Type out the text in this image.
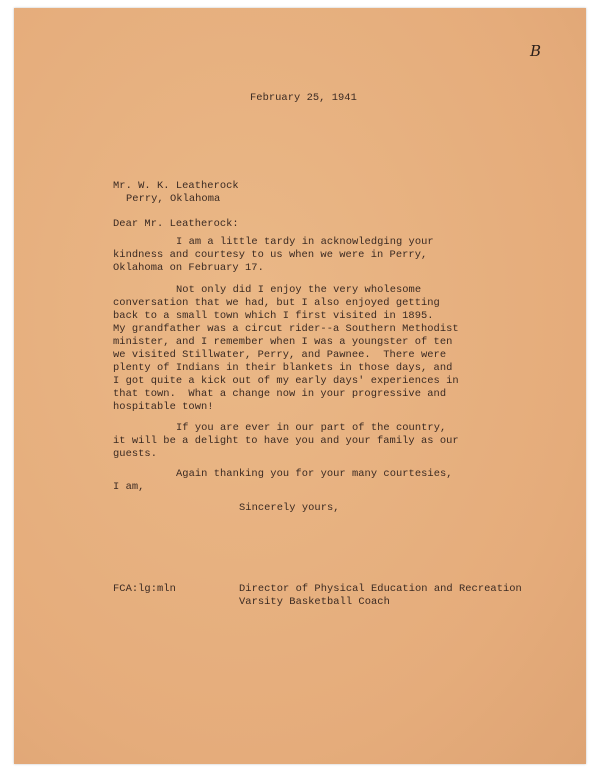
B
February 25, 1941
Mr. W. K. Leatherock
Perry, Oklahoma
Dear Mr. Leatherock:
I am a little tardy in acknowledging your
kindness and courtesy to us when we were in Perry,
Oklahoma on February 17.
Not only did I enjoy the very wholesome
conversation that we had, but I also enjoyed getting
back to a small town which I first visited in 1895.
My grandfather was a circut rider--a Southern Methodist
minister, and I remember when I was a youngster of ten
we visited Stillwater, Perry, and Pawnee.  There were
plenty of Indians in their blankets in those days, and
I got quite a kick out of my early days' experiences in
that town.  What a change now in your progressive and
hospitable town!
If you are ever in our part of the country,
it will be a delight to have you and your family as our
guests.
Again thanking you for your many courtesies,
I am,
Sincerely yours,
FCA:lg:mln	Director of Physical Education and Recreation
Varsity Basketball Coach
